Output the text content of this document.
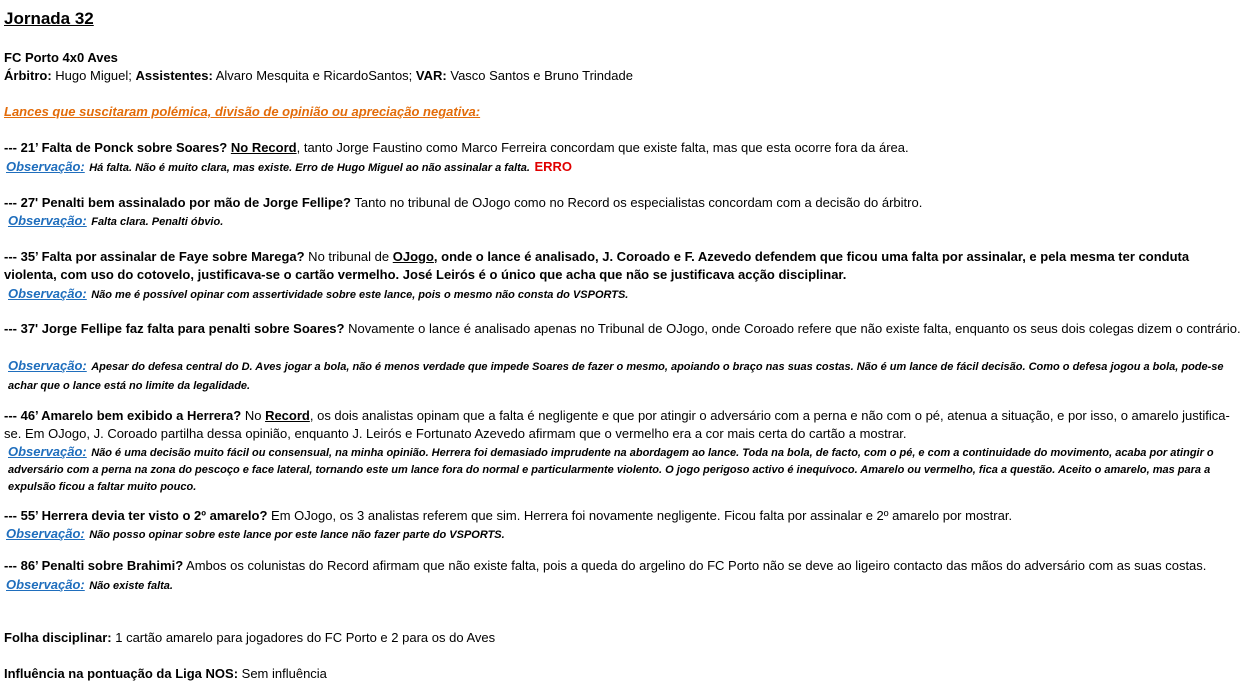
Jornada 32
FC Porto 4x0 Aves
Árbitro: Hugo Miguel; Assistentes: Alvaro Mesquita e RicardoSantos; VAR: Vasco Santos e Bruno Trindade
Lances que suscitaram polémica, divisão de opinião ou apreciação negativa:
--- 21’ Falta de Ponck sobre Soares? No Record, tanto Jorge Faustino como Marco Ferreira concordam que existe falta, mas que esta ocorre fora da área.
Observação: Há falta. Não é muito clara, mas existe. Erro de Hugo Miguel ao não assinalar a falta. ERRO
--- 27' Penalti bem assinalado por mão de Jorge Fellipe? Tanto no tribunal de OJogo como no Record os especialistas concordam com a decisão do árbitro.
Observação: Falta clara. Penalti óbvio.
--- 35’ Falta por assinalar de Faye sobre Marega? No tribunal de OJogo, onde o lance é analisado, J. Coroado e F. Azevedo defendem que ficou uma falta por assinalar, e pela mesma ter conduta violenta, com uso do cotovelo, justificava-se o cartão vermelho. José Leirós é o único que acha que não se justificava acção disciplinar.
Observação: Não me é possível opinar com assertividade sobre este lance, pois o mesmo não consta do VSPORTS.
--- 37' Jorge Fellipe faz falta para penalti sobre Soares? Novamente o lance é analisado apenas no Tribunal de OJogo, onde Coroado refere que não existe falta, enquanto os seus dois colegas dizem o contrário.
Observação: Apesar do defesa central do D. Aves jogar a bola, não é menos verdade que impede Soares de fazer o mesmo, apoiando o braço nas suas costas. Não é um lance de fácil decisão. Como o defesa jogou a bola, pode-se achar que o lance está no limite da legalidade.
--- 46’ Amarelo bem exibido a Herrera? No Record, os dois analistas opinam que a falta é negligente e que por atingir o adversário com a perna e não com o pé, atenua a situação, e por isso, o amarelo justifica-se. Em OJogo, J. Coroado partilha dessa opinião, enquanto J. Leirós e Fortunato Azevedo afirmam que o vermelho era a cor mais certa do cartão a mostrar.
Observação: Não é uma decisão muito fácil ou consensual, na minha opinião. Herrera foi demasiado imprudente na abordagem ao lance. Toda na bola, de facto, com o pé, e com a continuidade do movimento, acaba por atingir o adversário com a perna na zona do pescoço e face lateral, tornando este um lance fora do normal e particularmente violento. O jogo perigoso activo é inequívoco. Amarelo ou vermelho, fica a questão. Aceito o amarelo, mas para a expulsão ficou a faltar muito pouco.
--- 55’ Herrera devia ter visto o 2º amarelo? Em OJogo, os 3 analistas referem que sim. Herrera foi novamente negligente. Ficou falta por assinalar e 2º amarelo por mostrar.
Observação: Não posso opinar sobre este lance por este lance não fazer parte do VSPORTS.
--- 86’ Penalti sobre Brahimi? Ambos os colunistas do Record afirmam que não existe falta, pois a queda do argelino do FC Porto não se deve ao ligeiro contacto das mãos do adversário com as suas costas.
Observação: Não existe falta.
Folha disciplinar: 1 cartão amarelo para jogadores do FC Porto e 2 para os do Aves
Influência na pontuação da Liga NOS: Sem influência
